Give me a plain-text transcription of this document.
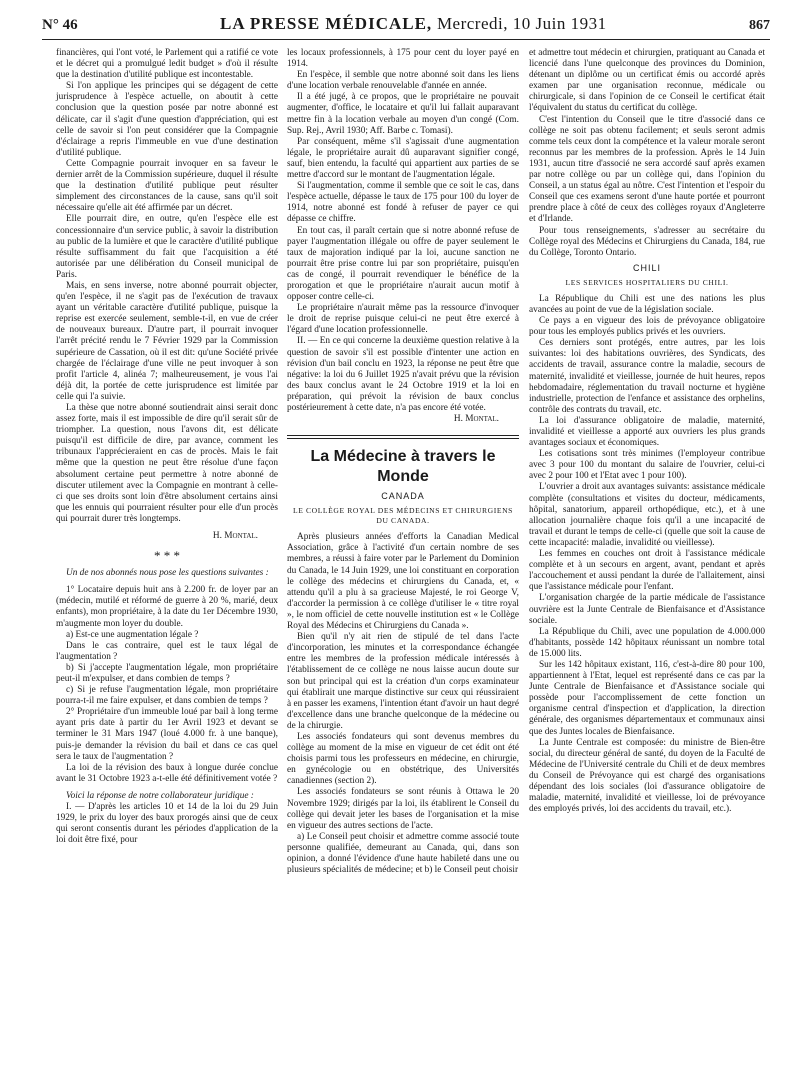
N° 46	LA PRESSE MÉDICALE, Mercredi, 10 Juin 1931	867

financières, qui l'ont voté, le Parlement qui a ratifié ce vote et le décret qui a promulgué ledit budget » d'où il résulte que la destination d'utilité publique est incontestable.

Si l'on applique les principes qui se dégagent de cette jurisprudence à l'espèce actuelle, on aboutit à cette conclusion que la question posée par notre abonné est délicate, car il s'agit d'une question d'appréciation, qui est celle de savoir si l'on peut considérer que la Compagnie d'éclairage a repris l'immeuble en vue d'une destination d'utilité publique.

Cette Compagnie pourrait invoquer en sa faveur le dernier arrêt de la Commission supérieure, duquel il résulte que la destination d'utilité publique peut résulter simplement des circonstances de la cause, sans qu'il soit nécessaire qu'elle ait été affirmée par un décret.

Elle pourrait dire, en outre, qu'en l'espèce elle est concessionnaire d'un service public, à savoir la distribution au public de la lumière et que le caractère d'utilité publique résulte suffisamment du fait que l'acquisition a été autorisée par une délibération du Conseil municipal de Paris.

Mais, en sens inverse, notre abonné pourrait objecter, qu'en l'espèce, il ne s'agit pas de l'exécution de travaux ayant un véritable caractère d'utilité publique, puisque la reprise est exercée seulement, semble-t-il, en vue de créer de nouveaux bureaux. D'autre part, il pourrait invoquer l'arrêt précité rendu le 7 Février 1929 par la Commission supérieure de Cassation, où il est dit: qu'une Société privée chargée de l'éclairage d'une ville ne peut invoquer à son profit l'article 4, alinéa 7; malheureusement, je vous l'ai déjà dit, la portée de cette jurisprudence est limitée par celle qui l'a suivie.

La thèse que notre abonné soutiendrait ainsi serait donc assez forte, mais il est impossible de dire qu'il serait sûr de triompher. La question, nous l'avons dit, est délicate puisqu'il est difficile de dire, par avance, comment les tribunaux l'apprécieraient en cas de procès. Mais le fait même que la question ne peut être résolue d'une façon absolument certaine peut permettre à notre abonné de discuter utilement avec la Compagnie en montrant à celle-ci que ses droits sont loin d'être absolument certains ainsi que les ennuis qui pourraient résulter pour elle d'un procès qui pourrait durer très longtemps.

H. Montal.
* * *

Un de nos abonnés nous pose les questions suivantes :

1° Locataire depuis huit ans à 2.200 fr. de loyer par an (médecin, mutilé et réformé de guerre à 20 %, marié, deux enfants), mon propriétaire, à la date du 1er Décembre 1930, m'augmente mon loyer du double.

a) Est-ce une augmentation légale ?

Dans le cas contraire, quel est le taux légal de l'augmentation ?

b) Si j'accepte l'augmentation légale, mon propriétaire peut-il m'expulser, et dans combien de temps ?

c) Si je refuse l'augmentation légale, mon propriétaire pourra-t-il me faire expulser, et dans combien de temps ?

2° Propriétaire d'un immeuble loué par bail à long terme ayant pris date à partir du 1er Avril 1923 et devant se terminer le 31 Mars 1947 (loué 4.000 fr. à une banque), puis-je demander la révision du bail et dans ce cas quel sera le taux de l'augmentation ?

La loi de la révision des baux à longue durée conclue avant le 31 Octobre 1923 a-t-elle été définitivement votée ?

Voici la réponse de notre collaborateur juridique :

I. — D'après les articles 10 et 14 de la loi du 29 Juin 1929, le prix du loyer des baux prorogés ainsi que de ceux qui seront consentis durant les périodes d'application de la loi doit être fixé, pour

les locaux professionnels, à 175 pour cent du loyer payé en 1914.

En l'espèce, il semble que notre abonné soit dans les liens d'une location verbale renouvelable d'année en année.

Il a été jugé, à ce propos, que le propriétaire ne pouvait augmenter, d'office, le locataire et qu'il lui fallait auparavant mettre fin à la location verbale au moyen d'un congé (Com. Sup. Rej., Avril 1930; Aff. Barbe c. Tomasi).

Par conséquent, même s'il s'agissait d'une augmentation légale, le propriétaire aurait dû auparavant signifier congé, sauf, bien entendu, la faculté qui appartient aux parties de se mettre d'accord sur le montant de l'augmentation légale.

Si l'augmentation, comme il semble que ce soit le cas, dans l'espèce actuelle, dépasse le taux de 175 pour 100 du loyer de 1914, notre abonné est fondé à refuser de payer ce qui dépasse ce chiffre.

En tout cas, il paraît certain que si notre abonné refuse de payer l'augmentation illégale ou offre de payer seulement le taux de majoration indiqué par la loi, aucune sanction ne pourrait être prise contre lui par son propriétaire, puisqu'en cas de congé, il pourrait revendiquer le bénéfice de la prorogation et que le propriétaire n'aurait aucun motif à opposer contre celle-ci.

Le propriétaire n'aurait même pas la ressource d'invoquer le droit de reprise puisque celui-ci ne peut être exercé à l'égard d'une location professionnelle.

II. — En ce qui concerne la deuxième question relative à la question de savoir s'il est possible d'intenter une action en révision d'un bail conclu en 1923, la réponse ne peut être que négative: la loi du 6 Juillet 1925 n'avait prévu que la révision des baux conclus avant le 24 Octobre 1919 et la loi en préparation, qui prévoit la révision de baux conclus postérieurement à cette date, n'a pas encore été votée.

H. Montal.
La Médecine à travers le Monde
CANADA
LE COLLÈGE ROYAL DES MÉDECINS ET CHIRURGIENS DU CANADA.

Après plusieurs années d'efforts la Canadian Medical Association, grâce à l'activité d'un certain nombre de ses membres, a réussi à faire voter par le Parlement du Dominion du Canada, le 14 Juin 1929, une loi constituant en corporation le collège des médecins et chirurgiens du Canada, et, « attendu qu'il a plu à sa gracieuse Majesté, le roi George V, d'accorder la permission à ce collège d'utiliser le « titre royal », le nom officiel de cette nouvelle institution est « le Collège Royal des Médecins et Chirurgiens du Canada ».

Bien qu'il n'y ait rien de stipulé de tel dans l'acte d'incorporation, les minutes et la correspondance échangée entre les membres de la profession médicale intéressés à l'établissement de ce collège ne nous laisse aucun doute sur son but principal qui est la création d'un corps examinateur qui établirait une marque distinctive sur ceux qui réussiraient à en passer les examens, l'intention étant d'avoir un haut degré d'excellence dans une branche quelconque de la médecine ou de la chirurgie.

Les associés fondateurs qui sont devenus membres du collège au moment de la mise en vigueur de cet édit ont été choisis parmi tous les professeurs en médecine, en chirurgie, en gynécologie ou en obstétrique, des Universités canadiennes (section 2).

Les associés fondateurs se sont réunis à Ottawa le 20 Novembre 1929; dirigés par la loi, ils établirent le Conseil du collège qui devait jeter les bases de l'organisation et la mise en vigueur des autres sections de l'acte.

a) Le Conseil peut choisir et admettre comme associé toute personne qualifiée, demeurant au Canada, qui, dans son opinion, a donné l'évidence d'une haute habileté dans une ou plusieurs spécialités de médecine; et b) le Conseil peut choisir

et admettre tout médecin et chirurgien, pratiquant au Canada et licencié dans l'une quelconque des provinces du Dominion, détenant un diplôme ou un certificat émis ou accordé après examen par une organisation reconnue, médicale ou chirurgicale, si dans l'opinion de ce Conseil le certificat était l'équivalent du status du certificat du collège.

C'est l'intention du Conseil que le titre d'associé dans ce collège ne soit pas obtenu facilement; et seuls seront admis comme tels ceux dont la compétence et la valeur morale seront reconnus par les membres de la profession. Après le 14 Juin 1931, aucun titre d'associé ne sera accordé sauf après examen par notre collège ou par un collège qui, dans l'opinion du Conseil, a un status égal au nôtre. C'est l'intention et l'espoir du Conseil que ces examens seront d'une haute portée et pourront prendre place à côté de ceux des collèges royaux d'Angleterre et d'Irlande.

Pour tous renseignements, s'adresser au secrétaire du Collège royal des Médecins et Chirurgiens du Canada, 184, rue du Collège, Toronto Ontario.

CHILI
LES SERVICES HOSPITALIERS DU CHILI.

La République du Chili est une des nations les plus avancées au point de vue de la législation sociale.

Ce pays a en vigueur des lois de prévoyance obligatoire pour tous les employés publics privés et les ouvriers.

Ces derniers sont protégés, entre autres, par les lois suivantes: loi des habitations ouvrières, des Syndicats, des accidents de travail, assurance contre la maladie, secours de maternité, invalidité et vieillesse, journée de huit heures, repos hebdomadaire, réglementation du travail nocturne et hygiène industrielle, protection de l'enfance et assistance des orphelins, contrôle des contrats du travail, etc.

La loi d'assurance obligatoire de maladie, maternité, invalidité et vieillesse a apporté aux ouvriers les plus grands avantages sociaux et économiques.

Les cotisations sont très minimes (l'employeur contribue avec 3 pour 100 du montant du salaire de l'ouvrier, celui-ci avec 2 pour 100 et l'Etat avec 1 pour 100).

L'ouvrier a droit aux avantages suivants: assistance médicale complète (consultations et visites du docteur, médicaments, hôpital, sanatorium, appareil orthopédique, etc.), et à une allocation journalière chaque fois qu'il a une incapacité de travail et durant le temps de celle-ci (quelle que soit la cause de cette incapacité: maladie, invalidité ou vieillesse).

Les femmes en couches ont droit à l'assistance médicale complète et à un secours en argent, avant, pendant et après l'accouchement et aussi pendant la durée de l'allaitement, ainsi que l'assistance médicale pour l'enfant.

L'organisation chargée de la partie médicale de l'assistance ouvrière est la Junte Centrale de Bienfaisance et d'Assistance sociale.

La République du Chili, avec une population de 4.000.000 d'habitants, possède 142 hôpitaux réunissant un nombre total de 15.000 lits.

Sur les 142 hôpitaux existant, 116, c'est-à-dire 80 pour 100, appartiennent à l'Etat, lequel est représenté dans ce cas par la Junte Centrale de Bienfaisance et d'Assistance sociale qui possède pour l'accomplissement de cette fonction un organisme central d'inspection et d'application, la direction générale, des organismes départementaux et communaux ainsi que des Juntes locales de Bienfaisance.

La Junte Centrale est composée: du ministre de Bien-être social, du directeur général de santé, du doyen de la Faculté de Médecine de l'Université centrale du Chili et de deux membres du Conseil de Prévoyance qui est chargé des organisations dépendant des lois sociales (loi d'assurance obligatoire de maladie, maternité, invalidité et vieillesse, loi de prévoyance des employés privés, loi des accidents du travail, etc.).
